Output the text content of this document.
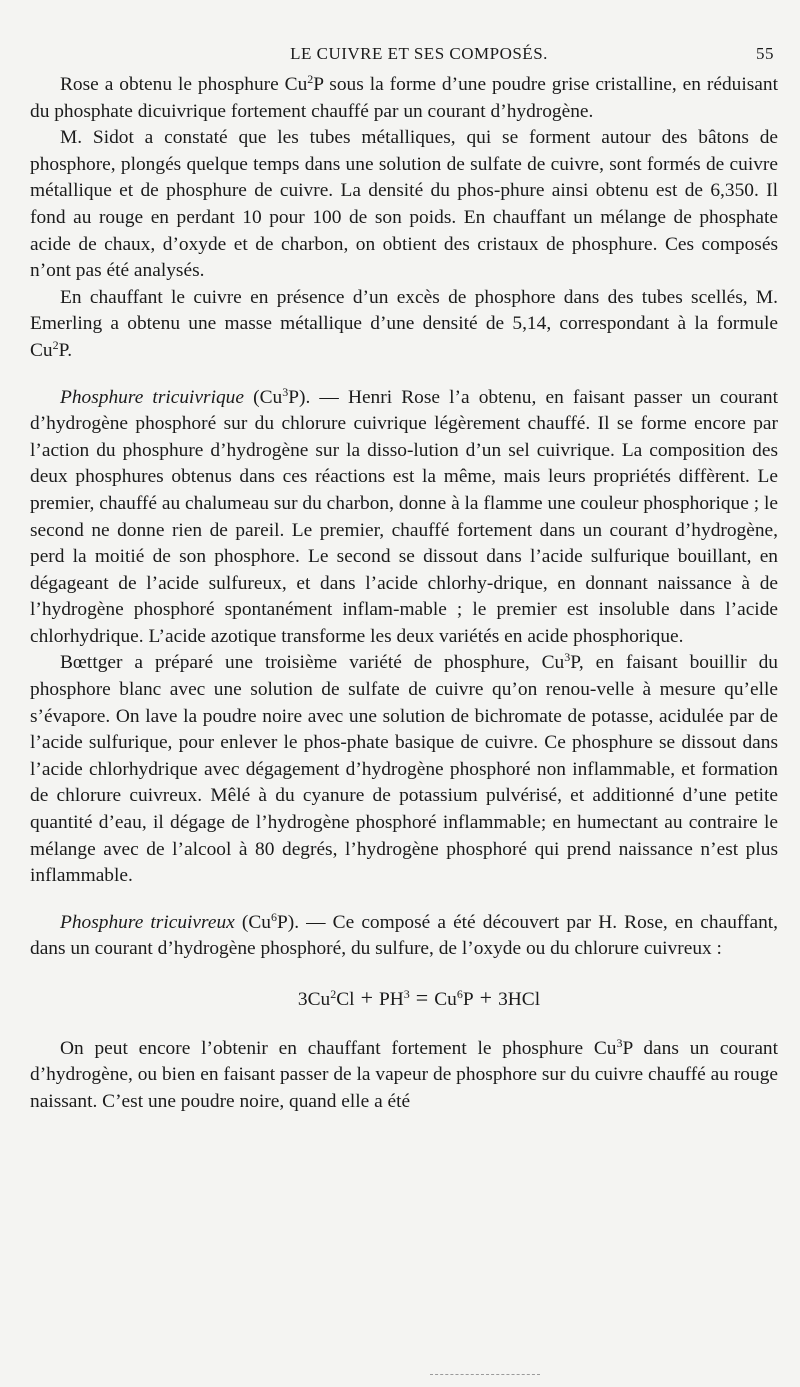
LE CUIVRE ET SES COMPOSÉS.	55

Rose a obtenu le phosphure Cu$^2$P sous la forme d’une poudre grise cristalline, en réduisant du phosphate dicuivrique fortement chauffé par un courant d’hydrogène.

M. Sidot a constaté que les tubes métalliques, qui se forment autour des bâtons de phosphore, plongés quelque temps dans une solution de sulfate de cuivre, sont formés de cuivre métallique et de phosphure de cuivre. La densité du phos-phure ainsi obtenu est de 6,350. Il fond au rouge en perdant 10 pour 100 de son poids. En chauffant un mélange de phosphate acide de chaux, d’oxyde et de charbon, on obtient des cristaux de phosphure. Ces composés n’ont pas été analysés.

En chauffant le cuivre en présence d’un excès de phosphore dans des tubes scellés, M. Emerling a obtenu une masse métallique d’une densité de 5,14, correspondant à la formule Cu$^2$P.

Phosphure tricuivrique (Cu$^3$P). — Henri Rose l’a obtenu, en faisant passer un courant d’hydrogène phosphoré sur du chlorure cuivrique légèrement chauffé. Il se forme encore par l’action du phosphure d’hydrogène sur la disso-lution d’un sel cuivrique. La composition des deux phosphures obtenus dans ces réactions est la même, mais leurs propriétés diffèrent. Le premier, chauffé au chalumeau sur du charbon, donne à la flamme une couleur phosphorique ; le second ne donne rien de pareil. Le premier, chauffé fortement dans un courant d’hydrogène, perd la moitié de son phosphore. Le second se dissout dans l’acide sulfurique bouillant, en dégageant de l’acide sulfureux, et dans l’acide chlorhy-drique, en donnant naissance à de l’hydrogène phosphoré spontanément inflam-mable ; le premier est insoluble dans l’acide chlorhydrique. L’acide azotique transforme les deux variétés en acide phosphorique.

Bœttger a préparé une troisième variété de phosphure, Cu$^3$P, en faisant bouillir du phosphore blanc avec une solution de sulfate de cuivre qu’on renou-velle à mesure qu’elle s’évapore. On lave la poudre noire avec une solution de bichromate de potasse, acidulée par de l’acide sulfurique, pour enlever le phos-phate basique de cuivre. Ce phosphure se dissout dans l’acide chlorhydrique avec dégagement d’hydrogène phosphoré non inflammable, et formation de chlorure cuivreux. Mêlé à du cyanure de potassium pulvérisé, et additionné d’une petite quantité d’eau, il dégage de l’hydrogène phosphoré inflammable; en humectant au contraire le mélange avec de l’alcool à 80 degrés, l’hydrogène phosphoré qui prend naissance n’est plus inflammable.

Phosphure tricuivreux (Cu$^6$P). — Ce composé a été découvert par H. Rose, en chauffant, dans un courant d’hydrogène phosphoré, du sulfure, de l’oxyde ou du chlorure cuivreux :

$3Cu^2Cl + PH^3 = Cu^6P + 3HCl$

On peut encore l’obtenir en chauffant fortement le phosphure Cu$^3$P dans un courant d’hydrogène, ou bien en faisant passer de la vapeur de phosphore sur du cuivre chauffé au rouge naissant. C’est une poudre noire, quand elle a été
